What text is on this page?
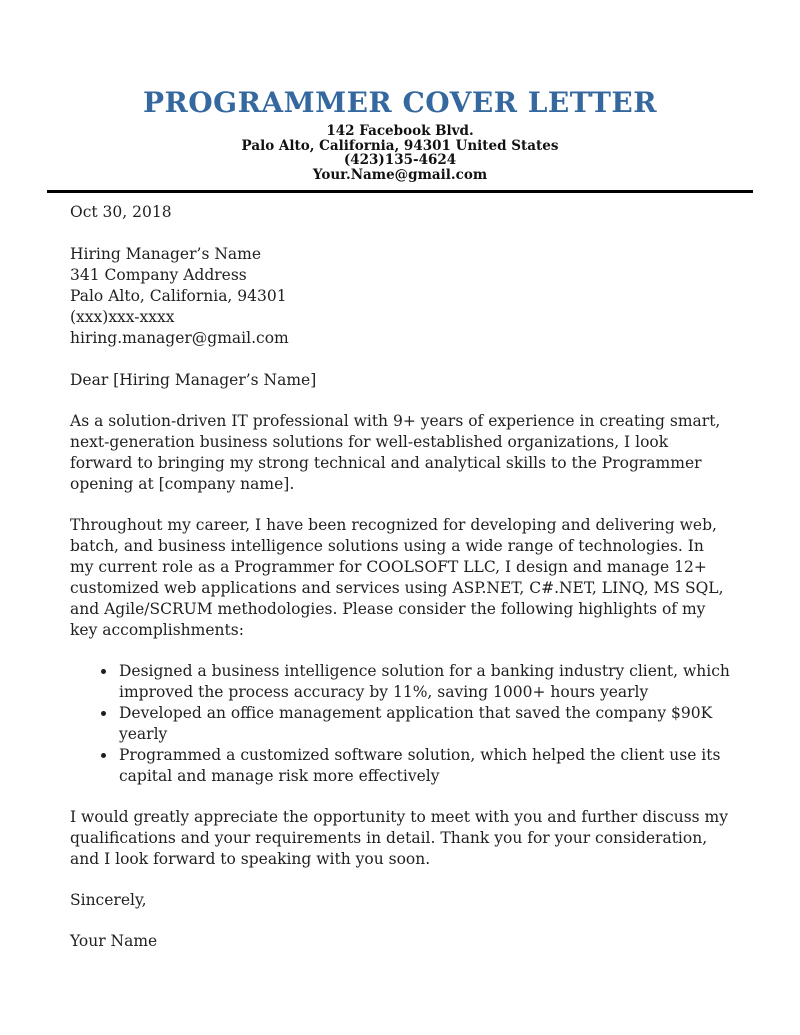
PROGRAMMER COVER LETTER
142 Facebook Blvd.
Palo Alto, California, 94301 United States
(423)135-4624
Your.Name@gmail.com

Oct 30, 2018

Hiring Manager’s Name
341 Company Address
Palo Alto, California, 94301
(xxx)xxx-xxxx
hiring.manager@gmail.com

Dear [Hiring Manager’s Name]

As a solution-driven IT professional with 9+ years of experience in creating smart, next-generation business solutions for well-established organizations, I look forward to bringing my strong technical and analytical skills to the Programmer opening at [company name].

Throughout my career, I have been recognized for developing and delivering web, batch, and business intelligence solutions using a wide range of technologies. In my current role as a Programmer for COOLSOFT LLC, I design and manage 12+ customized web applications and services using ASP.NET, C#.NET, LINQ, MS SQL, and Agile/SCRUM methodologies. Please consider the following highlights of my key accomplishments:

• Designed a business intelligence solution for a banking industry client, which improved the process accuracy by 11%, saving 1000+ hours yearly
• Developed an office management application that saved the company $90K yearly
• Programmed a customized software solution, which helped the client use its capital and manage risk more effectively

I would greatly appreciate the opportunity to meet with you and further discuss my qualifications and your requirements in detail. Thank you for your consideration, and I look forward to speaking with you soon.

Sincerely,

Your Name
